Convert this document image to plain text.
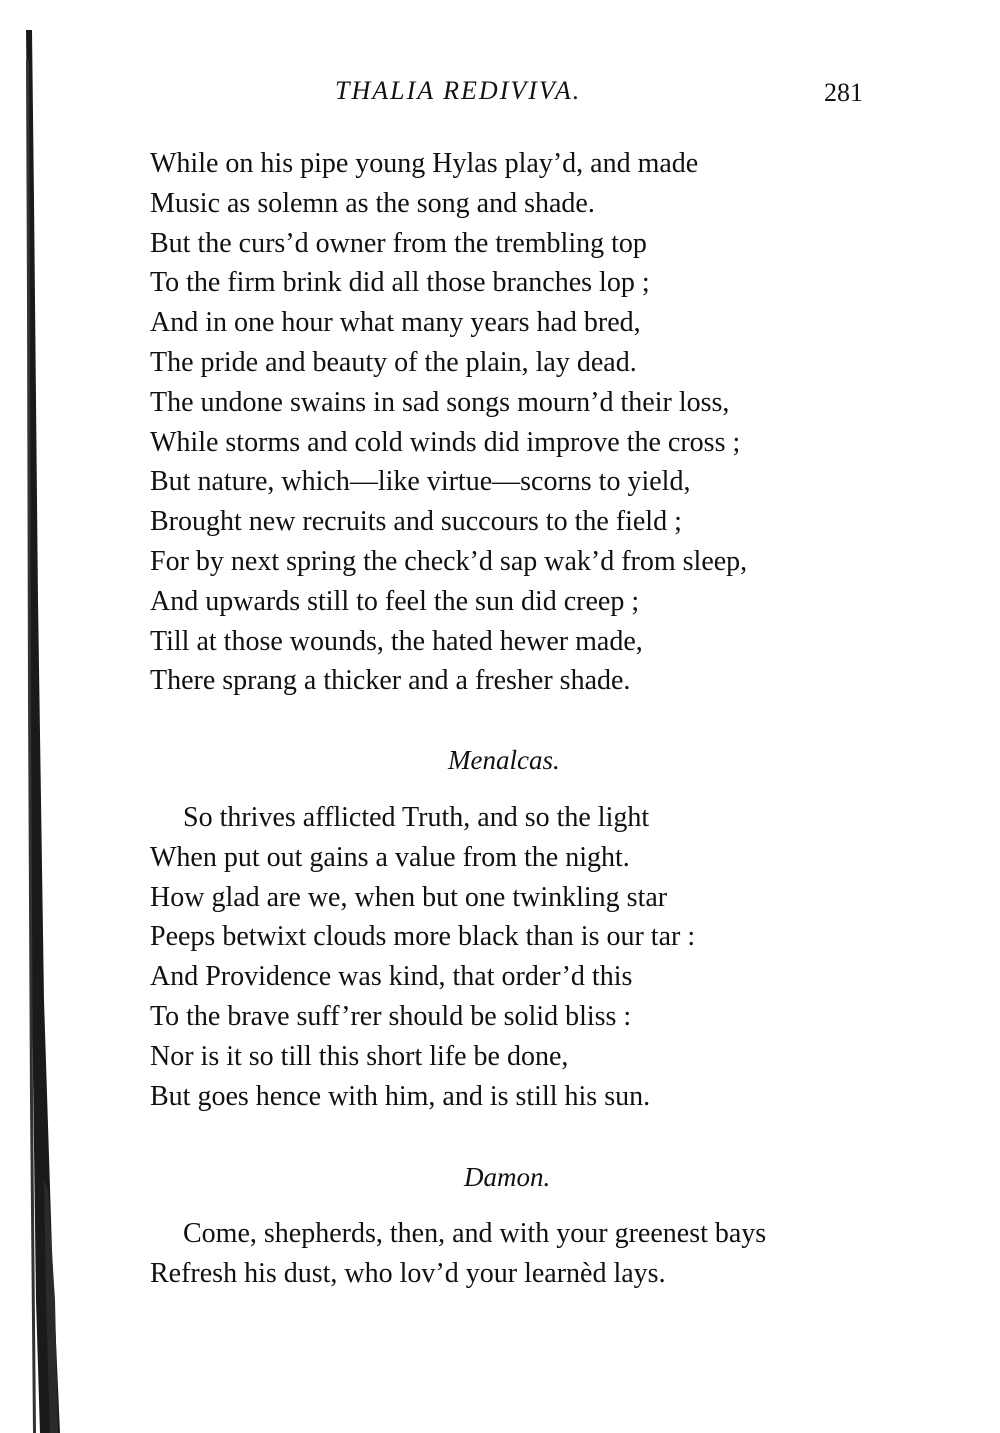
THALIA REDIVIVA.	281
While on his pipe young Hylas play’d, and made
Music as solemn as the song and shade.
But the curs’d owner from the trembling top
To the firm brink did all those branches lop ;
And in one hour what many years had bred,
The pride and beauty of the plain, lay dead.
The undone swains in sad songs mourn’d their loss,
While storms and cold winds did improve the cross ;
But nature, which—like virtue—scorns to yield,
Brought new recruits and succours to the field ;
For by next spring the check’d sap wak’d from sleep,
And upwards still to feel the sun did creep ;
Till at those wounds, the hated hewer made,
There sprang a thicker and a fresher shade.
Menalcas.
So thrives afflicted Truth, and so the light
When put out gains a value from the night.
How glad are we, when but one twinkling star
Peeps betwixt clouds more black than is our tar :
And Providence was kind, that order’d this
To the brave suff’rer should be solid bliss :
Nor is it so till this short life be done,
But goes hence with him, and is still his sun.
Damon.
Come, shepherds, then, and with your greenest bays
Refresh his dust, who lov’d your learnèd lays.
